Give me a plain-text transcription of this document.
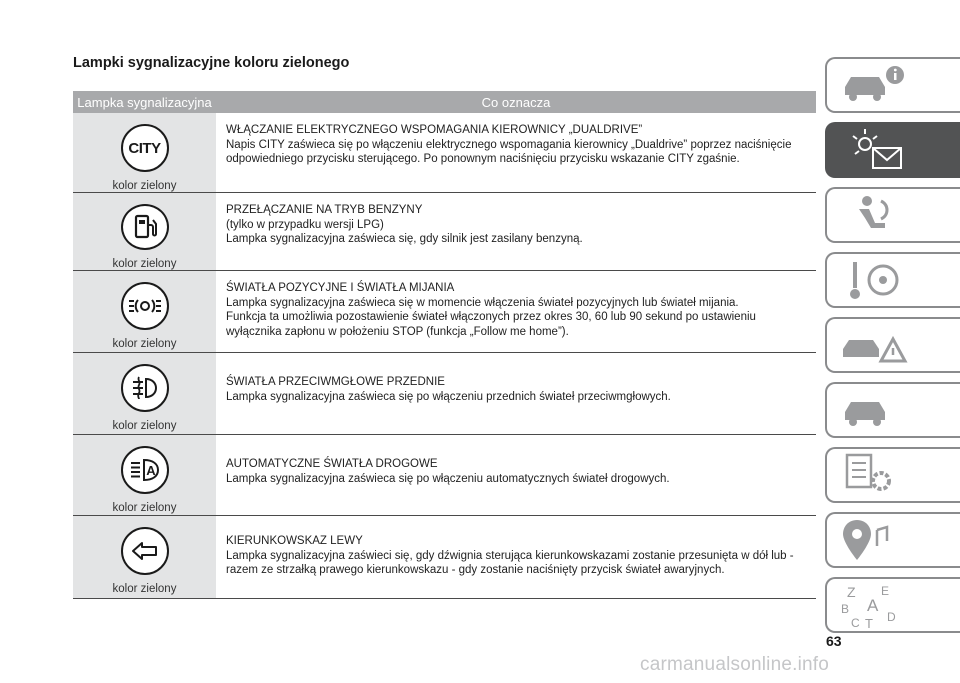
Lampki sygnalizacyjne koloru zielonego
Lampka sygnalizacyjna	Co oznacza
CITY
kolor zielony
WŁĄCZANIE ELEKTRYCZNEGO WSPOMAGANIA KIEROWNICY „DUALDRIVE”
Napis CITY zaświeca się po włączeniu elektrycznego wspomagania kierownicy „Dualdrive” poprzez naciśnięcie
odpowiedniego przycisku sterującego. Po ponownym naciśnięciu przycisku wskazanie CITY zgaśnie.
kolor zielony
PRZEŁĄCZANIE NA TRYB BENZYNY
(tylko w przypadku wersji LPG)
Lampka sygnalizacyjna zaświeca się, gdy silnik jest zasilany benzyną.
kolor zielony
ŚWIATŁA POZYCYJNE I ŚWIATŁA MIJANIA
Lampka sygnalizacyjna zaświeca się w momencie włączenia świateł pozycyjnych lub świateł mijania.
Funkcja ta umożliwia pozostawienie świateł włączonych przez okres 30, 60 lub 90 sekund po ustawieniu
wyłącznika zapłonu w położeniu STOP (funkcja „Follow me home”).
kolor zielony
ŚWIATŁA PRZECIWMGŁOWE PRZEDNIE
Lampka sygnalizacyjna zaświeca się po włączeniu przednich świateł przeciwmgłowych.
A
kolor zielony
AUTOMATYCZNE ŚWIATŁA DROGOWE
Lampka sygnalizacyjna zaświeca się po włączeniu automatycznych świateł drogowych.
kolor zielony
KIERUNKOWSKAZ LEWY
Lampka sygnalizacyjna zaświeci się, gdy dźwignia sterująca kierunkowskazami zostanie przesunięta w dół lub -
razem ze strzałką prawego kierunkowskazu - gdy zostanie naciśnięty przycisk świateł awaryjnych.
Z E
B A
C T D
63
carmanualsonline.info
